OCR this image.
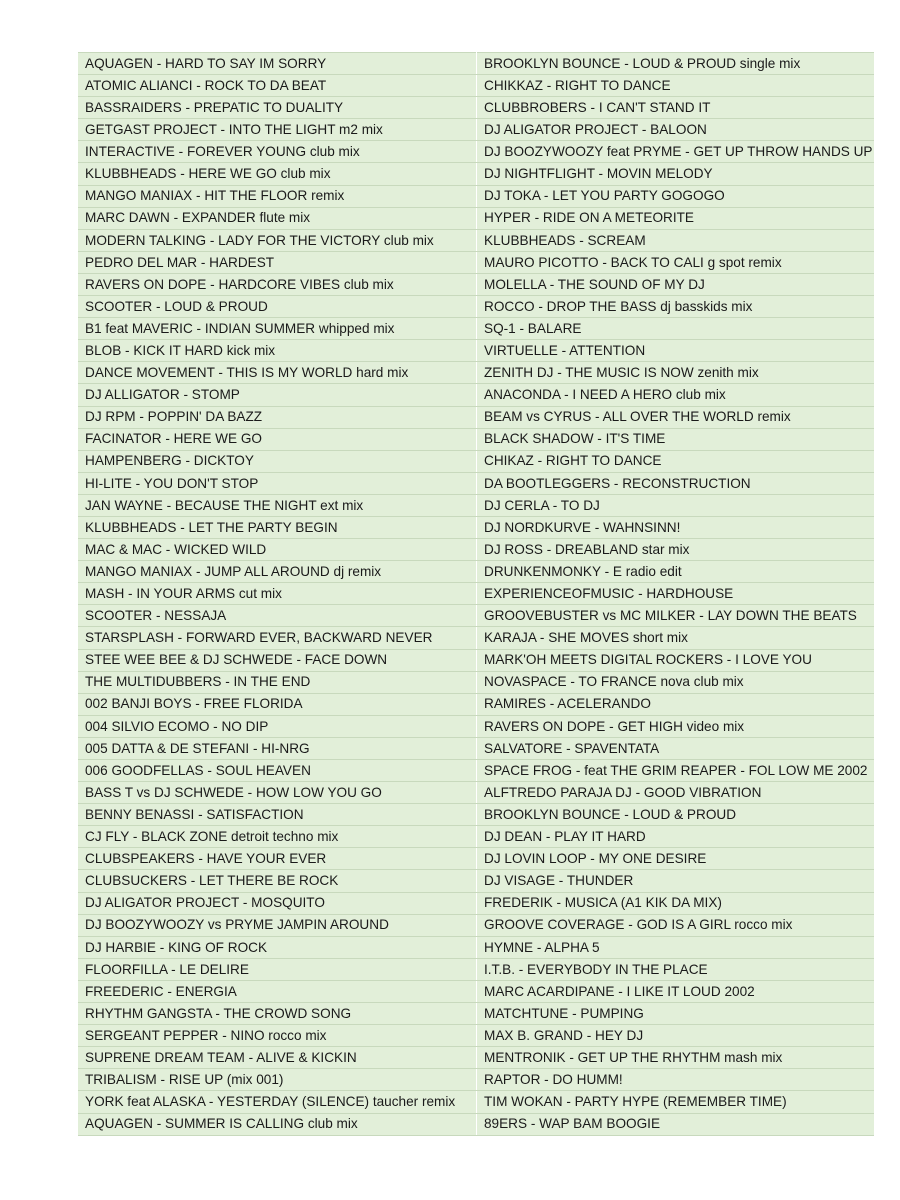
AQUAGEN - HARD TO SAY IM SORRY	BROOKLYN BOUNCE - LOUD & PROUD single mix
ATOMIC ALIANCI - ROCK TO DA BEAT	CHIKKAZ - RIGHT TO DANCE
BASSRAIDERS - PREPATIC TO DUALITY	CLUBBROBERS - I CAN'T STAND IT
GETGAST PROJECT - INTO THE LIGHT m2 mix	DJ ALIGATOR PROJECT - BALOON
INTERACTIVE - FOREVER YOUNG club mix	DJ BOOZYWOOZY feat PRYME - GET UP THROW HANDS UP
KLUBBHEADS - HERE WE GO club mix	DJ NIGHTFLIGHT - MOVIN MELODY
MANGO MANIAX - HIT THE FLOOR remix	DJ TOKA - LET YOU PARTY GOGOGO
MARC DAWN - EXPANDER flute mix	HYPER - RIDE ON A METEORITE
MODERN TALKING - LADY FOR THE VICTORY club mix	KLUBBHEADS - SCREAM
PEDRO DEL MAR - HARDEST	MAURO PICOTTO - BACK TO CALI g spot remix
RAVERS ON DOPE - HARDCORE VIBES club mix	MOLELLA - THE SOUND OF MY DJ
SCOOTER - LOUD & PROUD	ROCCO - DROP THE BASS dj basskids mix
B1 feat MAVERIC - INDIAN SUMMER whipped mix	SQ-1 - BALARE
BLOB - KICK IT HARD kick mix	VIRTUELLE - ATTENTION
DANCE MOVEMENT - THIS IS MY WORLD hard mix	ZENITH DJ - THE MUSIC IS NOW zenith mix
DJ ALLIGATOR - STOMP	ANACONDA - I NEED A HERO club mix
DJ RPM - POPPIN' DA BAZZ	BEAM vs CYRUS - ALL OVER THE WORLD remix
FACINATOR - HERE WE GO	BLACK SHADOW - IT'S TIME
HAMPENBERG - DICKTOY	CHIKAZ - RIGHT TO DANCE
HI-LITE - YOU DON'T STOP	DA BOOTLEGGERS - RECONSTRUCTION
JAN WAYNE - BECAUSE THE NIGHT ext mix	DJ CERLA - TO DJ
KLUBBHEADS - LET THE PARTY BEGIN	DJ NORDKURVE - WAHNSINN!
MAC & MAC - WICKED WILD	DJ ROSS - DREABLAND star mix
MANGO MANIAX - JUMP ALL AROUND dj remix	DRUNKENMONKY - E radio edit
MASH - IN YOUR ARMS cut mix	EXPERIENCEOFMUSIC - HARDHOUSE
SCOOTER - NESSAJA	GROOVEBUSTER vs MC MILKER - LAY DOWN THE BEATS
STARSPLASH - FORWARD EVER, BACKWARD NEVER	KARAJA - SHE MOVES short mix
STEE WEE BEE & DJ SCHWEDE - FACE DOWN	MARK'OH MEETS DIGITAL ROCKERS - I LOVE YOU
THE MULTIDUBBERS - IN THE END	NOVASPACE - TO FRANCE nova club mix
002 BANJI BOYS - FREE FLORIDA	RAMIRES - ACELERANDO
004 SILVIO ECOMO - NO DIP	RAVERS ON DOPE - GET HIGH video mix
005 DATTA & DE STEFANI - HI-NRG	SALVATORE - SPAVENTATA
006 GOODFELLAS - SOUL HEAVEN	SPACE FROG - feat THE GRIM REAPER - FOL LOW ME 2002
BASS T vs DJ SCHWEDE - HOW LOW YOU GO	ALFTREDO PARAJA DJ - GOOD VIBRATION
BENNY BENASSI - SATISFACTION	BROOKLYN BOUNCE - LOUD & PROUD
CJ FLY - BLACK ZONE detroit techno mix	DJ DEAN - PLAY IT HARD
CLUBSPEAKERS - HAVE YOUR EVER	DJ LOVIN LOOP - MY ONE DESIRE
CLUBSUCKERS - LET THERE BE ROCK	DJ VISAGE - THUNDER
DJ ALIGATOR PROJECT - MOSQUITO	FREDERIK - MUSICA (A1 KIK DA MIX)
DJ BOOZYWOOZY vs PRYME JAMPIN AROUND	GROOVE COVERAGE - GOD IS A GIRL rocco mix
DJ HARBIE - KING OF ROCK	HYMNE - ALPHA 5
FLOORFILLA - LE DELIRE	I.T.B. - EVERYBODY IN THE PLACE
FREEDERIC - ENERGIA	MARC ACARDIPANE - I LIKE IT LOUD 2002
RHYTHM GANGSTA - THE CROWD SONG	MATCHTUNE - PUMPING
SERGEANT PEPPER - NINO rocco mix	MAX B. GRAND - HEY DJ
SUPRENE DREAM TEAM - ALIVE & KICKIN	MENTRONIK - GET UP THE RHYTHM mash mix
TRIBALISM - RISE UP (mix 001)	RAPTOR - DO HUMM!
YORK feat ALASKA - YESTERDAY (SILENCE) taucher remix	TIM WOKAN - PARTY HYPE (REMEMBER TIME)
AQUAGEN - SUMMER IS CALLING club mix	89ERS - WAP BAM BOOGIE
